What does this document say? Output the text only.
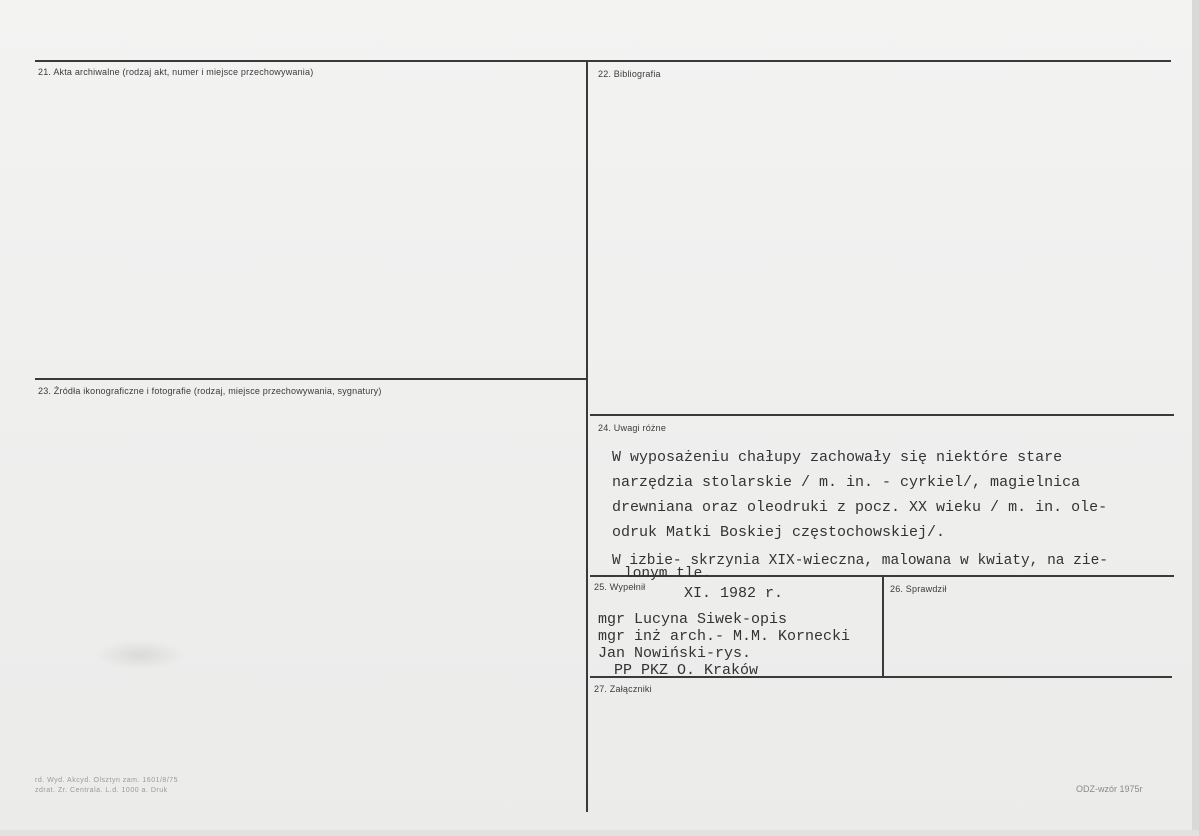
21. Akta archiwalne (rodzaj akt, numer i miejsce przechowywania)	22. Bibliografia
23. Źródła ikonograficzne i fotografie (rodzaj, miejsce przechowywania, sygnatury)
24. Uwagi różne
25. Wypełnił	26. Sprawdził
27. Załączniki
W wyposażeniu chałupy zachowały się niektóre stare
narzędzia stolarskie / m. in. - cyrkiel/, magielnica
drewniana oraz oleodruki z pocz. XX wieku / m. in. ole-
odruk Matki Boskiej częstochowskiej/.
W izbie- skrzynia XIX-wieczna, malowana w kwiaty, na zie-
lonym tle.
XI. 1982 r.
mgr Lucyna Siwek-opis
mgr inż arch.- M.M. Kornecki
Jan Nowiński-rys.
PP PKZ O. Kraków
rd. Wyd. Akcyd. Olsztyn zam. 1601/8/75
zdrat. Zr. Centrala. L.d. 1000 a. Druk	ODZ-wzór 1975r
